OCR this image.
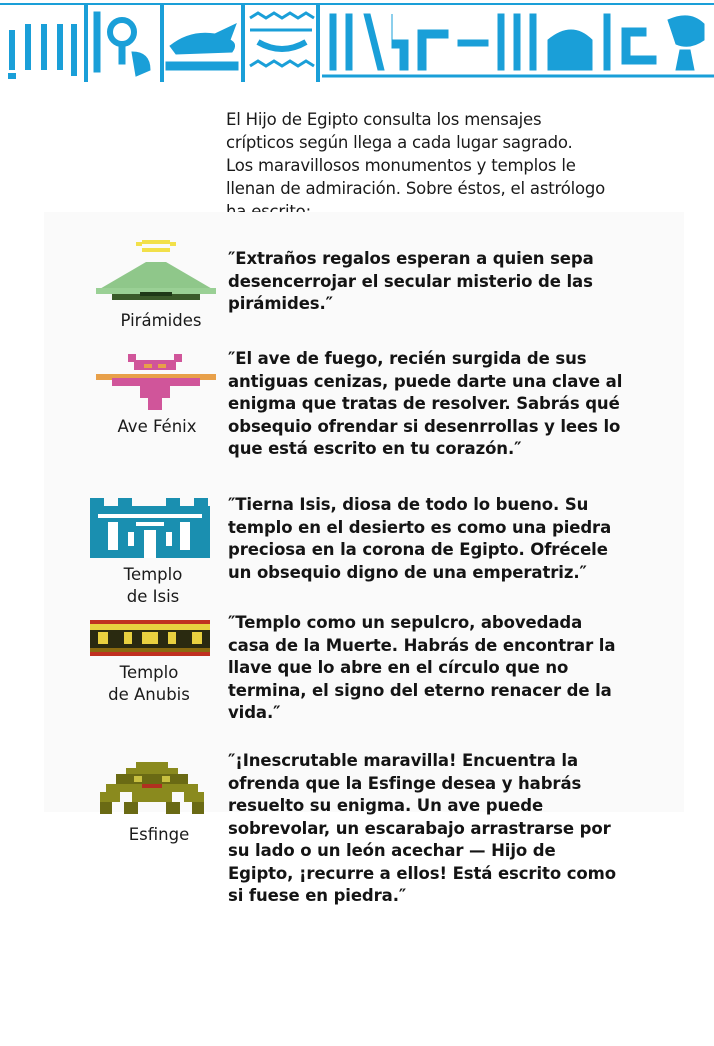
El Hijo de Egipto consulta los mensajes
crípticos según llega a cada lugar sagrado.
Los maravillosos monumentos y templos le
llenan de admiración. Sobre éstos, el astrólogo
Pirámides
″Extraños regalos esperan a quien sepa
desencerrojar el secular misterio de las
pirámides.″
Ave Fénix
″El ave de fuego, recién surgida de sus
antiguas cenizas, puede darte una clave al
enigma que tratas de resolver. Sabrás qué
obsequio ofrendar si desenrrollas y lees lo
que está escrito en tu corazón.″
Templo
de Isis
″Tierna Isis, diosa de todo lo bueno. Su
templo en el desierto es como una piedra
preciosa en la corona de Egipto. Ofrécele
un obsequio digno de una emperatriz.″
Templo
de Anubis
″Templo como un sepulcro, abovedada
casa de la Muerte. Habrás de encontrar la
llave que lo abre en el círculo que no
termina, el signo del eterno renacer de la
vida.″
Esfinge
″¡Inescrutable maravilla! Encuentra la
ofrenda que la Esfinge desea y habrás
resuelto su enigma. Un ave puede
sobrevolar, un escarabajo arrastrarse por
su lado o un león acechar — Hijo de
Egipto, ¡recurre a ellos! Está escrito como
si fuese en piedra.″
